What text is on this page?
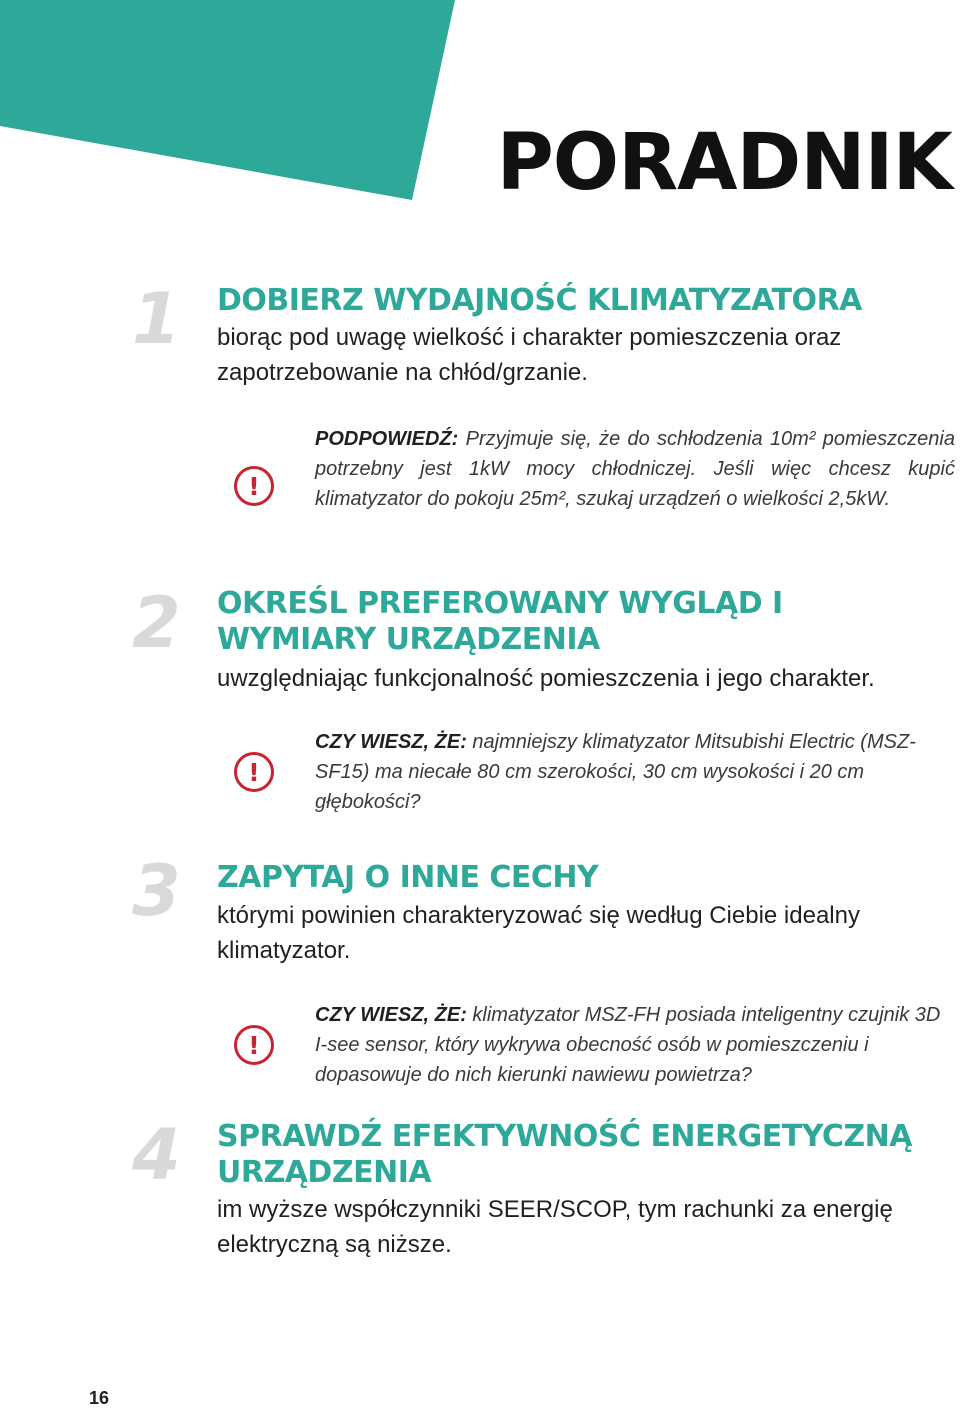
PORADNIK
1	DOBIERZ WYDAJNOŚĆ KLIMATYZATORA

biorąc pod uwagę wielkość i charakter pomieszczenia oraz zapotrzebowanie na chłód/grzanie.

!

PODPOWIEDŹ: Przyjmuje się, że do schłodzenia 10m² pomieszczenia potrzebny jest 1kW mocy chłodniczej. Jeśli więc chcesz kupić klimatyzator do pokoju 25m², szukaj urządzeń o wielkości 2,5kW.

2	OKREŚL PREFEROWANY WYGLĄD I WYMIARY URZĄDZENIA

uwzględniając funkcjonalność pomieszczenia i jego charakter.

!

CZY WIESZ, ŻE: najmniejszy klimatyzator Mitsubishi Electric (MSZ-SF15) ma niecałe 80 cm szerokości, 30 cm wysokości i 20 cm głębokości?

3	ZAPYTAJ O INNE CECHY

którymi powinien charakteryzować się według Ciebie idealny klimatyzator.

!

CZY WIESZ, ŻE: klimatyzator MSZ-FH posiada inteligentny czujnik 3D I-see sensor, który wykrywa obecność osób w pomieszczeniu i dopasowuje do nich kierunki nawiewu powietrza?

4	SPRAWDŹ EFEKTYWNOŚĆ ENERGETYCZNĄ URZĄDZENIA

im wyższe współczynniki SEER/SCOP, tym rachunki za energię elektryczną są niższe.

16
